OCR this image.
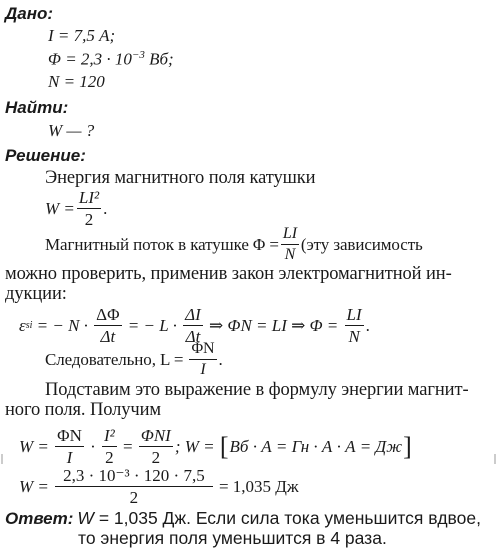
Дано:
I = 7,5 А;
$\Phi = 2,3 \cdot 10^{-3}$ Вб;
N = 120
Найти:
W — ?
Решение:
Энергия магнитного поля катушки
$W = \frac{\text{LI²}}{2}$ .
Магнитный поток в катушке $\Phi = \frac{LI}{N} (эту$ зависимость
можно проверить, применив закон электромагнитной ин-
дукции:
ε si = − $N \cdot \frac{\Delta\Phi}{\Delta t}$ = − $L \cdot \frac{\Delta I}{\Delta t}$ ⇒ ΦN = LI ⇒ $\Phi = \frac{LI}{N}$ .
Следовательно, $L = \frac{\Phi N}{I}$ .
Подставим это выражение в формулу энергии магнит-
ного поля. Получим
$W = \frac{\Phi N}{I} \cdot \frac{\text{I²}}{2} = \frac{\text{ΦNI}}{2}$ ; W = [ Вб · А = Гн · А · А = Дж ]
$W = \frac{\text{2,3 · 10⁻³ · 120 · 7,5}}{2} = 1,035$ Дж
Ответ: W = 1,035 Дж. Если сила тока уменьшится вдвое,
то энергия поля уменьшится в 4 раза.
